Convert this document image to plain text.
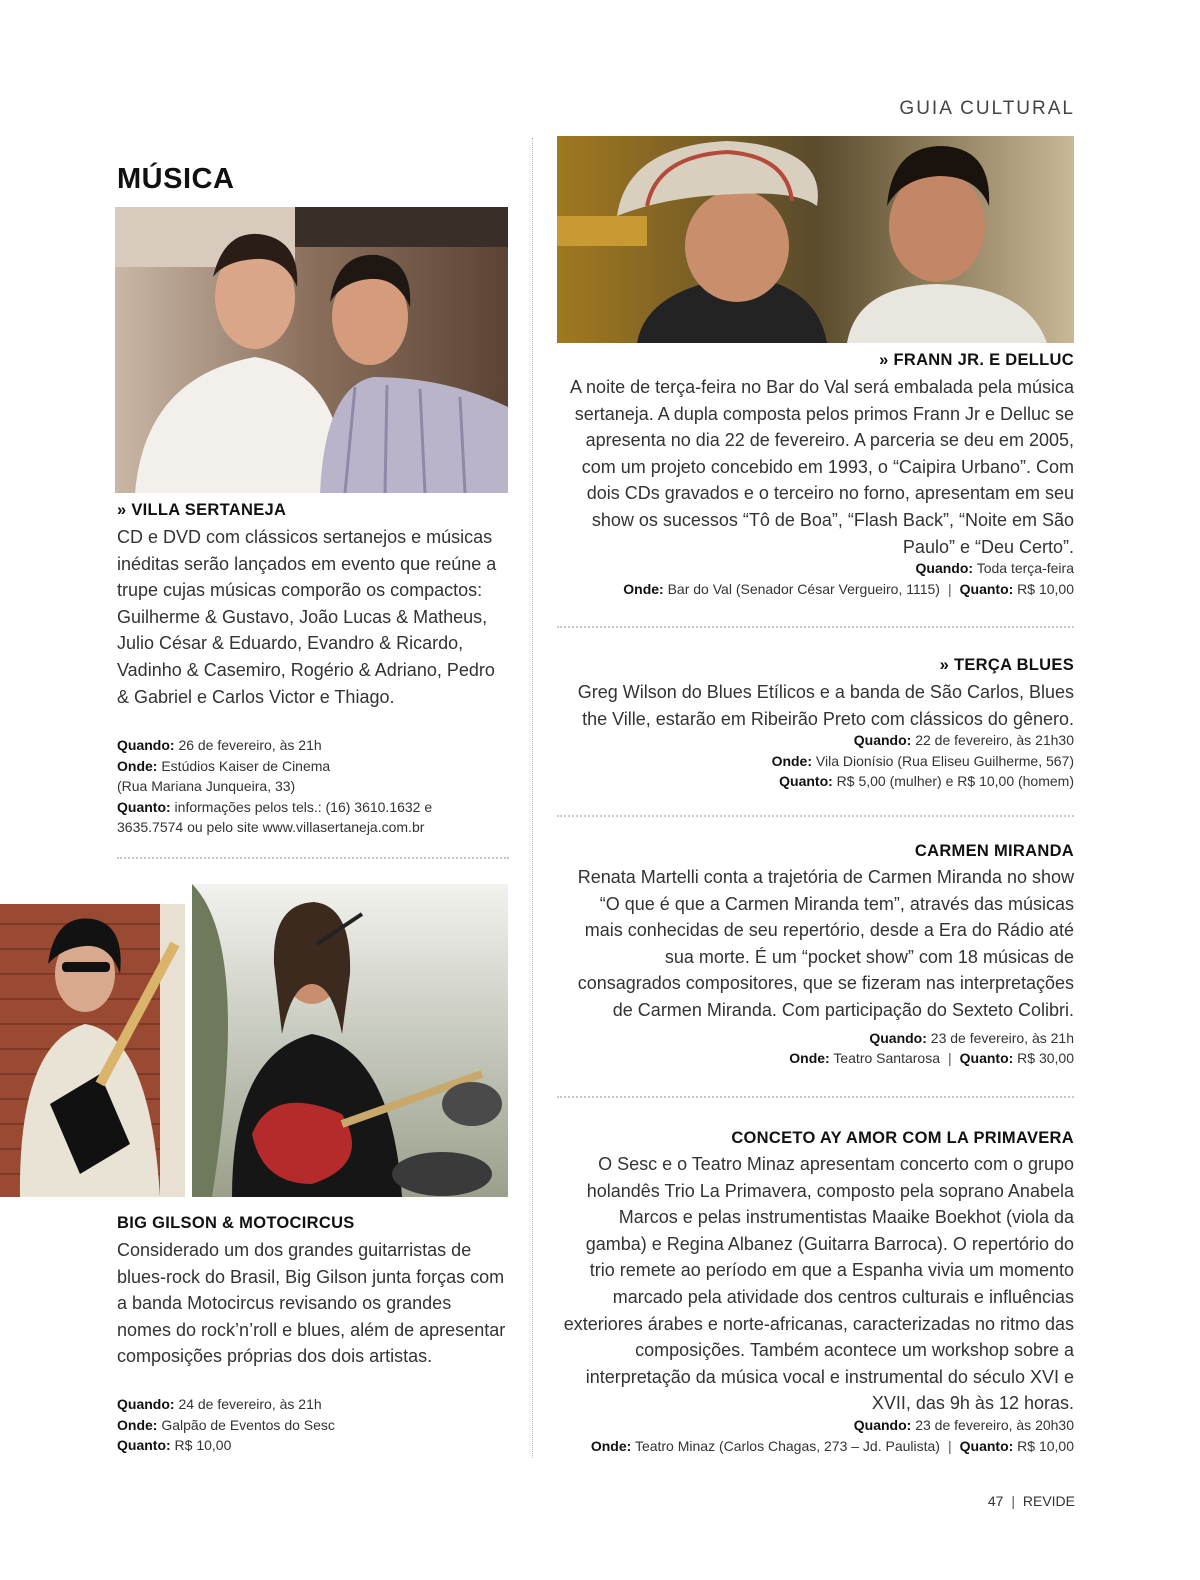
GUIA CULTURAL
MÚSICA
» VILLA SERTANEJA
CD e DVD com clássicos sertanejos e músicas inéditas serão lançados em evento que reúne a trupe cujas músicas comporão os compactos: Guilherme & Gustavo, João Lucas & Matheus, Julio César & Eduardo, Evandro & Ricardo, Vadinho & Casemiro, Rogério & Adriano, Pedro & Gabriel e Carlos Victor e Thiago.
Quando: 26 de fevereiro, às 21h
Onde: Estúdios Kaiser de Cinema
(Rua Mariana Junqueira, 33)
Quanto: informações pelos tels.: (16) 3610.1632 e
3635.7574 ou pelo site www.villasertaneja.com.br
BIG GILSON & MOTOCIRCUS
Considerado um dos grandes guitarristas de blues-rock do Brasil, Big Gilson junta forças com a banda Motocircus revisando os grandes nomes do rock’n’roll e blues, além de apresentar composições próprias dos dois artistas.
Quando: 24 de fevereiro, às 21h
Onde: Galpão de Eventos do Sesc
Quanto: R$ 10,00
» FRANN JR. E DELLUC
A noite de terça-feira no Bar do Val será embalada pela música sertaneja. A dupla composta pelos primos Frann Jr e Delluc se apresenta no dia 22 de fevereiro. A parceria se deu em 2005, com um projeto concebido em 1993, o “Caipira Urbano”. Com dois CDs gravados e o terceiro no forno, apresentam em seu show os sucessos “Tô de Boa”, “Flash Back”, “Noite em São Paulo” e “Deu Certo”.
Quando: Toda terça-feira
Onde: Bar do Val (Senador César Vergueiro, 1115) | Quanto: R$ 10,00
» TERÇA BLUES
Greg Wilson do Blues Etílicos e a banda de São Carlos, Blues the Ville, estarão em Ribeirão Preto com clássicos do gênero.
Quando: 22 de fevereiro, às 21h30
Onde: Vila Dionísio (Rua Eliseu Guilherme, 567)
Quanto: R$ 5,00 (mulher) e R$ 10,00 (homem)
CARMEN MIRANDA
Renata Martelli conta a trajetória de Carmen Miranda no show “O que é que a Carmen Miranda tem”, através das músicas mais conhecidas de seu repertório, desde a Era do Rádio até sua morte. É um “pocket show” com 18 músicas de consagrados compositores, que se fizeram nas interpretações de Carmen Miranda. Com participação do Sexteto Colibri.
Onde: Teatro Santarosa | Quanto: R$ 30,00
Quando: 23 de fevereiro, às 21h
CONCETO AY AMOR COM LA PRIMAVERA
O Sesc e o Teatro Minaz apresentam concerto com o grupo holandês Trio La Primavera, composto pela soprano Anabela Marcos e pelas instrumentistas Maaike Boekhot (viola da gamba) e Regina Albanez (Guitarra Barroca). O repertório do trio remete ao período em que a Espanha vivia um momento marcado pela atividade dos centros culturais e influências exteriores árabes e norte-africanas, caracterizadas no ritmo das composições. Também acontece um workshop sobre a interpretação da música vocal e instrumental do século XVI e XVII, das 9h às 12 horas.
Quando: 23 de fevereiro, às 20h30
Onde: Teatro Minaz (Carlos Chagas, 273 – Jd. Paulista) | Quanto: R$ 10,00
47 | REVIDE
